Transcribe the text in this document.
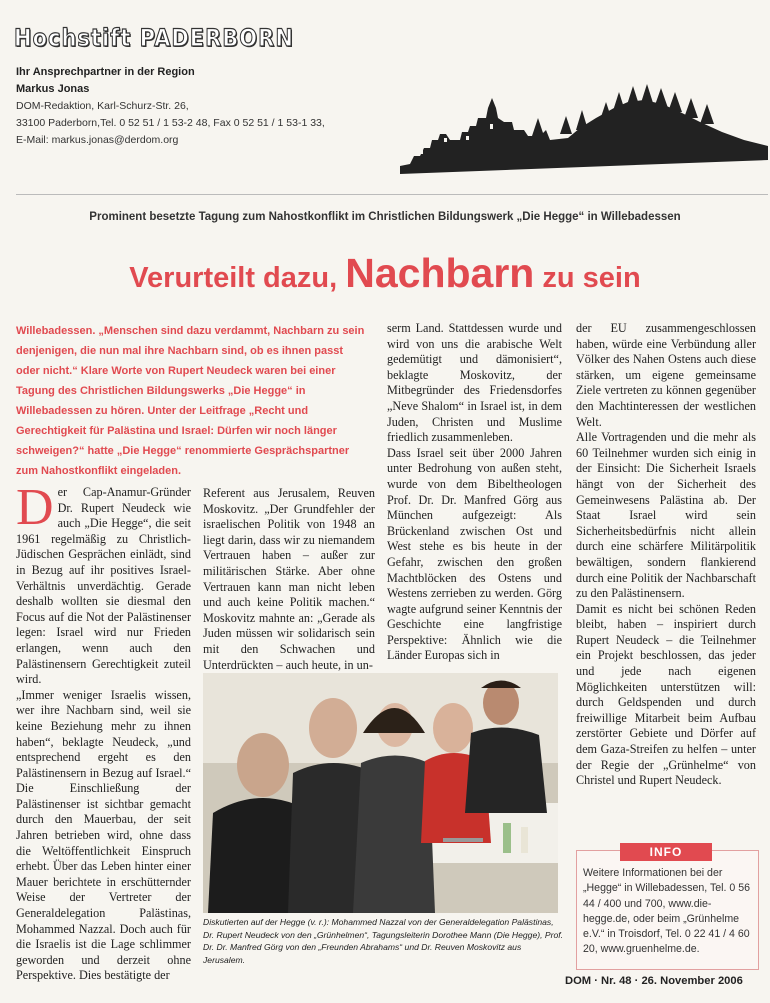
Hochstift PADERBORN
Ihr Ansprechpartner in der Region
Markus Jonas
DOM-Redaktion, Karl-Schurz-Str. 26,
33100 Paderborn,Tel. 0 52 51 / 1 53-2 48, Fax 0 52 51 / 1 53-1 33,
E-Mail: markus.jonas@derdom.org
Prominent besetzte Tagung zum Nahostkonflikt im Christlichen Bildungswerk „Die Hegge“ in Willebadessen
Verurteilt dazu, Nachbarn zu sein
Willebadessen. „Menschen sind dazu verdammt, Nachbarn zu sein denjenigen, die nun mal ihre Nachbarn sind, ob es ihnen passt oder nicht.“ Klare Worte von Rupert Neudeck waren bei einer Tagung des Christlichen Bildungswerks „Die Hegge“ in Willebadessen zu hören. Unter der Leitfrage „Recht und Gerechtigkeit für Palästina und Israel: Dürfen wir noch länger schweigen?“ hatte „Die Hegge“ renommierte Gesprächspartner zum Nahostkonflikt eingeladen.
D er Cap-Anamur-Gründer Dr. Rupert Neudeck wie auch „Die Hegge“, die seit 1961 regelmäßig zu Christlich-Jüdischen Gesprächen einlädt, sind in Bezug auf ihr positives Israel-Verhältnis unverdächtig. Gerade deshalb wollten sie diesmal den Focus auf die Not der Palästinenser legen: Israel wird nur Frieden erlangen, wenn auch den Palästinensern Gerechtigkeit zuteil wird.

„Immer weniger Israelis wissen, wer ihre Nachbarn sind, weil sie keine Beziehung mehr zu ihnen haben“, beklagte Neudeck, „und entsprechend ergeht es den Palästinensern in Bezug auf Israel.“ Die Einschließung der Palästinenser ist sichtbar gemacht durch den Mauerbau, der seit Jahren betrieben wird, ohne dass die Weltöffentlichkeit Einspruch erhebt. Über das Leben hinter einer Mauer berichtete in erschütternder Weise der Vertreter der Generaldelegation Palästinas, Mohammed Nazzal. Doch auch für die Israelis ist die Lage schlimmer geworden und derzeit ohne Perspektive. Dies bestätigte der

Referent aus Jerusalem, Reuven Moskovitz. „Der Grundfehler der israelischen Politik von 1948 an liegt darin, dass wir zu niemandem Vertrauen haben – außer zur militärischen Stärke. Aber ohne Vertrauen kann man nicht leben und auch keine Politik machen.“ Moskovitz mahnte an: „Gerade als Juden müssen wir solidarisch sein mit den Schwachen und Unterdrückten – auch heute, in un-

serm Land. Stattdessen wurde und wird von uns die arabische Welt gedemütigt und dämonisiert“, beklagte Moskovitz, der Mitbegründer des Friedensdorfes „Neve Shalom“ in Israel ist, in dem Juden, Christen und Muslime friedlich zusammenleben.

Dass Israel seit über 2000 Jahren unter Bedrohung von außen steht, wurde von dem Bibeltheologen Prof. Dr. Dr. Manfred Görg aus München aufgezeigt: Als Brückenland zwischen Ost und West stehe es bis heute in der Gefahr, zwischen den großen Machtblöcken des Ostens und Westens zerrieben zu werden. Görg wagte aufgrund seiner Kenntnis der Geschichte eine langfristige Perspektive: Ähnlich wie die Länder Europas sich in

der EU zusammengeschlossen haben, würde eine Verbündung aller Völker des Nahen Ostens auch diese stärken, um eigene gemeinsame Ziele vertreten zu können gegenüber den Machtinteressen der westlichen Welt.

Alle Vortragenden und die mehr als 60 Teilnehmer wurden sich einig in der Einsicht: Die Sicherheit Israels hängt von der Sicherheit des Gemeinwesens Palästina ab. Der Staat Israel wird sein Sicherheitsbedürfnis nicht allein durch eine schärfere Militärpolitik bewältigen, sondern flankierend durch eine Politik der Nachbarschaft zu den Palästinensern.

Damit es nicht bei schönen Reden bleibt, haben – inspiriert durch Rupert Neudeck – die Teilnehmer ein Projekt beschlossen, das jeder und jede nach eigenen Möglichkeiten unterstützen will: durch Geldspenden und durch freiwillige Mitarbeit beim Aufbau zerstörter Gebiete und Dörfer auf dem Gaza-Streifen zu helfen – unter der Regie der „Grünhelme“ von Christel und Rupert Neudeck.

Diskutierten auf der Hegge (v. r.): Mohammed Nazzal von der Generaldelegation Palästinas, Dr. Rupert Neudeck von den „Grünhelmen“, Tagungsleiterin Dorothee Mann (Die Hegge), Prof. Dr. Dr. Manfred Görg von den „Freunden Abrahams“ und Dr. Reuven Moskovitz aus Jerusalem.
INFO
Weitere Informationen bei der „Hegge“ in Willebadessen, Tel. 0 56 44 / 400 und 700, www.die-hegge.de, oder beim „Grünhelme e.V.“ in Troisdorf, Tel. 0 22 41 / 4 60 20, www.gruenhelme.de.
DOM · Nr. 48 · 26. November 2006
